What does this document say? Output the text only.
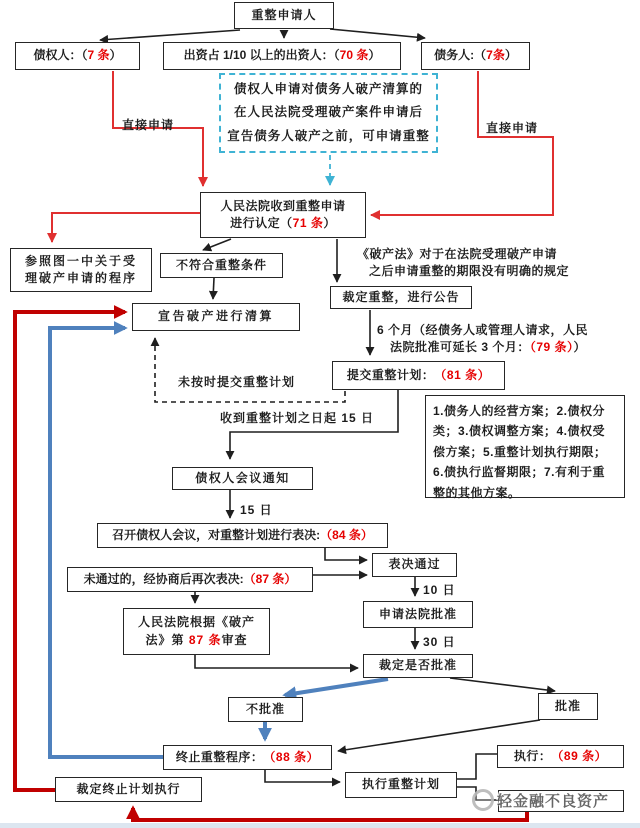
重整申请人
债权人：（ 7 条 ）	出资占 1/10 以上的出资人：（ 70 条 ）	债务人:（ 7条 ）
债权人申请对债务人破产清算的
在人民法院受理破产案件申请后
宣告债务人破产之前，可申请重整
直接申请	直接申请
人民法院收到重整申请
进行认定（71 条）
参照图一中关于受
理破产申请的程序
不符合重整条件
宣告破产进行清算
《破产法》对于在法院受理破产申请
之后申请重整的期限没有明确的规定
裁定重整，进行公告
6 个月（经债务人或管理人请求，人民
法院批准可延长 3 个月：（79 条））
未按时提交重整计划
提交重整计划： （81 条）
1.债务人的经营方案；2.债权分类；3.债权调整方案；4.债权受偿方案；5.重整计划执行期限；6.债执行监督期限；7.有利于重整的其他方案。
收到重整计划之日起 15 日
债权人会议通知
15 日
召开债权人会议，对重整计划进行表决: （84 条）
表决通过
未通过的，经协商后再次表决: （87 条）
10 日
申请法院批准
人民法院根据《破产
法》第 87 条审查	30 日
裁定是否批准
不批准	批准
终止重整程序： （88 条）	执行： （89 条）
裁定终止计划执行	执行重整计划
轻金融不良资产
